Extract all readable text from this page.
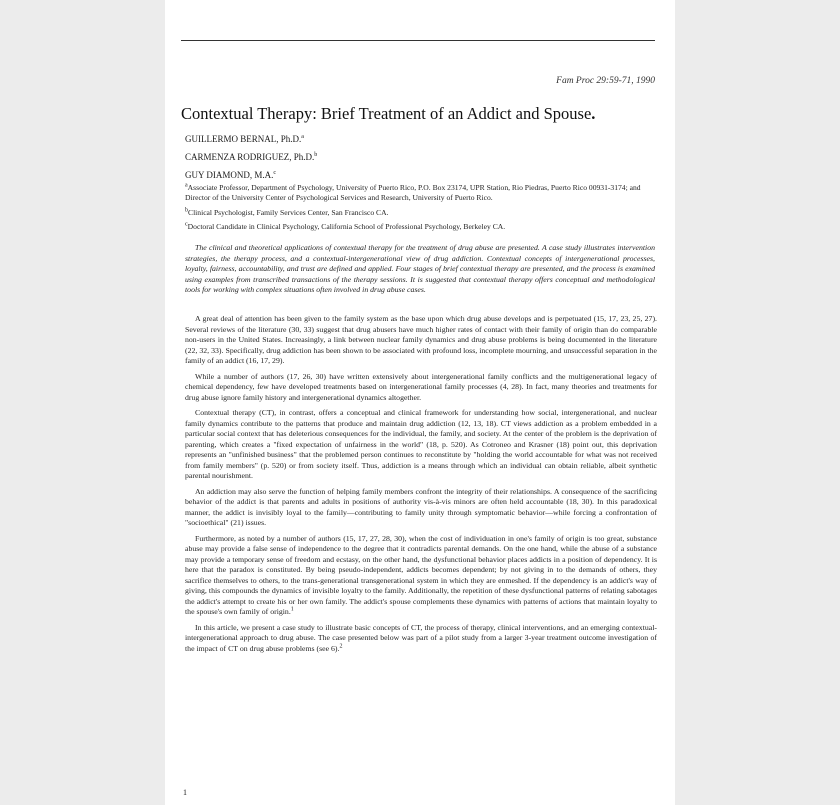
Fam Proc 29:59-71, 1990
Contextual Therapy: Brief Treatment of an Addict and Spouse.
GUILLERMO BERNAL, Ph.D.$^a$
CARMENZA RODRIGUEZ, Ph.D.$^b$
GUY DIAMOND, M.A.$^c$

$^a$Associate Professor, Department of Psychology, University of Puerto Rico, P.O. Box 23174, UPR Station, Rio Piedras, Puerto Rico 00931-3174; and Director of the University Center of Psychological Services and Research, University of Puerto Rico.

$^b$Clinical Psychologist, Family Services Center, San Francisco CA.

$^c$Doctoral Candidate in Clinical Psychology, California School of Professional Psychology, Berkeley CA.

The clinical and theoretical applications of contextual therapy for the treatment of drug abuse are presented. A case study illustrates intervention strategies, the therapy process, and a contextual-intergenerational view of drug addiction. Contextual concepts of intergenerational processes, loyalty, fairness, accountability, and trust are defined and applied. Four stages of brief contextual therapy are presented, and the process is examined using examples from transcribed transactions of the therapy sessions. It is suggested that contextual therapy offers conceptual and methodological tools for working with complex situations often involved in drug abuse cases.

A great deal of attention has been given to the family system as the base upon which drug abuse develops and is perpetuated (15, 17, 23, 25, 27). Several reviews of the literature (30, 33) suggest that drug abusers have much higher rates of contact with their family of origin than do comparable non-users in the United States. Increasingly, a link between nuclear family dynamics and drug abuse problems is being documented in the literature (22, 32, 33). Specifically, drug addiction has been shown to be associated with profound loss, incomplete mourning, and unsuccessful separation in the family of an addict (16, 17, 29).

While a number of authors (17, 26, 30) have written extensively about intergenerational family conflicts and the multigenerational legacy of chemical dependency, few have developed treatments based on intergenerational family processes (4, 28). In fact, many theories and treatments for drug abuse ignore family history and intergenerational dynamics altogether.

Contextual therapy (CT), in contrast, offers a conceptual and clinical framework for understanding how social, intergenerational, and nuclear family dynamics contribute to the patterns that produce and maintain drug addiction (12, 13, 18). CT views addiction as a problem embedded in a particular social context that has deleterious consequences for the individual, the family, and society. At the center of the problem is the deprivation of parenting, which creates a "fixed expectation of unfairness in the world" (18, p. 520). As Cotroneo and Krasner (18) point out, this deprivation represents an "unfinished business" that the problemed person continues to reconstitute by "holding the world accountable for what was not received from family members" (p. 520) or from society itself. Thus, addiction is a means through which an individual can obtain reliable, albeit synthetic parental nourishment.

An addiction may also serve the function of helping family members confront the integrity of their relationships. A consequence of the sacrificing behavior of the addict is that parents and adults in positions of authority vis-à-vis minors are often held accountable (18, 30). In this paradoxical manner, the addict is invisibly loyal to the family—contributing to family unity through symptomatic behavior—while forcing a confrontation of "socioethical" (21) issues.

Furthermore, as noted by a number of authors (15, 17, 27, 28, 30), when the cost of individuation in one's family of origin is too great, substance abuse may provide a false sense of independence to the degree that it contradicts parental demands. On the one hand, while the abuse of a substance may provide a temporary sense of freedom and ecstasy, on the other hand, the dysfunctional behavior places addicts in a position of dependency. It is here that the paradox is constituted. By being pseudo-independent, addicts becomes dependent; by not giving in to the demands of others, they sacrifice themselves to others, to the trans-generational transgenerational system in which they are enmeshed. If the dependency is an addict's way of giving, this compounds the dynamics of invisible loyalty to the family. Additionally, the repetition of these dysfunctional patterns of relating sabotages the addict's attempt to create his or her own family. The addict's spouse complements these dynamics with patterns of actions that maintain loyalty to the spouse's own family of origin.$^1$

In this article, we present a case study to illustrate basic concepts of CT, the process of therapy, clinical interventions, and an emerging contextual-intergenerational approach to drug abuse. The case presented below was part of a pilot study from a larger 3-year treatment outcome investigation of the impact of CT on drug abuse problems (see 6).$^2$

1
